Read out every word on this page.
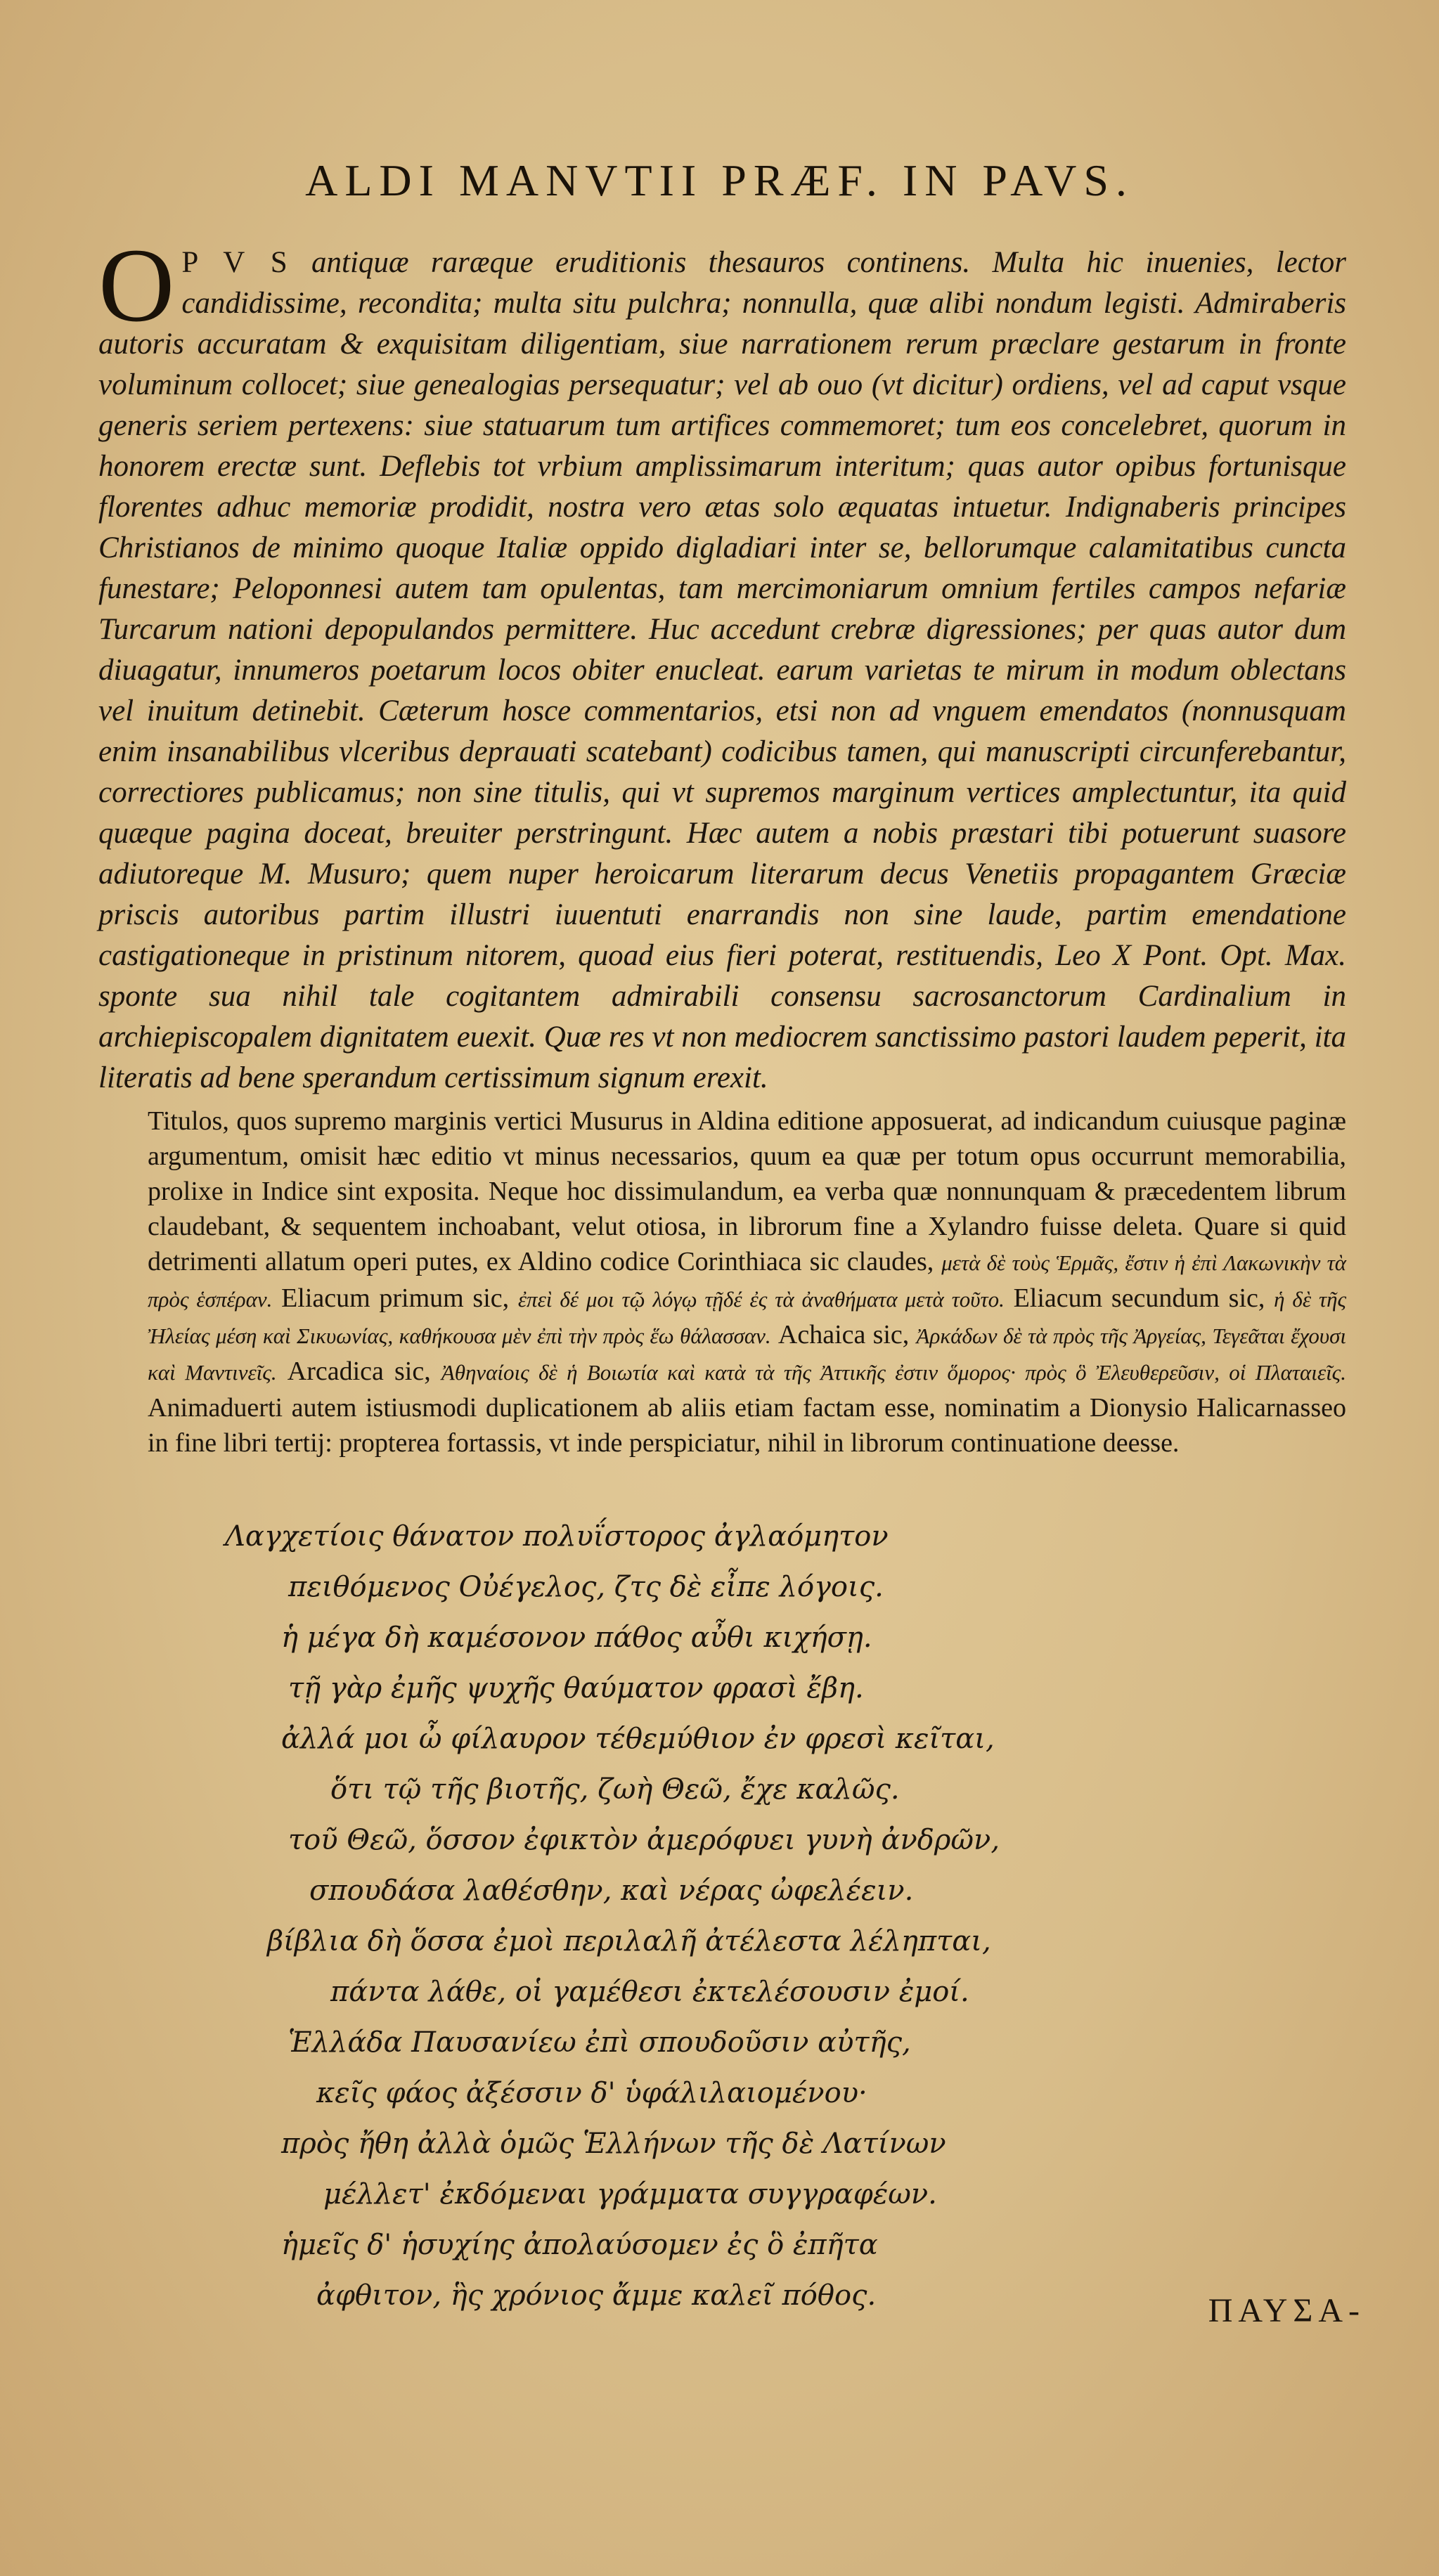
ALDI MANVTII PRÆF. IN PAVS.
O P V S antiquæ raræque eruditionis thesauros continens. Multa hic inuenies, lector candidissime, recondita; multa situ pulchra; nonnulla, quæ alibi nondum legisti. Admiraberis autoris accuratam & exquisitam diligentiam, siue narrationem rerum præclare gestarum in fronte voluminum collocet; siue genealogias persequatur; vel ab ouo (vt dicitur) ordiens, vel ad caput vsque generis seriem pertexens: siue statuarum tum artifices commemoret; tum eos concelebret, quorum in honorem erectæ sunt. Deflebis tot vrbium amplissimarum interitum; quas autor opibus fortunisque florentes adhuc memoriæ prodidit, nostra vero ætas solo æquatas intuetur. Indignaberis principes Christianos de minimo quoque Italiæ oppido digladiari inter se, bellorumque calamitatibus cuncta funestare; Peloponnesi autem tam opulentas, tam mercimoniarum omnium fertiles campos nefariæ Turcarum nationi depopulandos permittere. Huc accedunt crebræ digressiones; per quas autor dum diuagatur, innumeros poetarum locos obiter enucleat. earum varietas te mirum in modum oblectans vel inuitum detinebit. Cæterum hosce commentarios, etsi non ad vnguem emendatos (nonnusquam enim insanabilibus vlceribus deprauati scatebant) codicibus tamen, qui manuscripti circunferebantur, correctiores publicamus; non sine titulis, qui vt supremos marginum vertices amplectuntur, ita quid quæque pagina doceat, breuiter perstringunt. Hæc autem a nobis præstari tibi potuerunt suasore adiutoreque M. Musuro; quem nuper heroicarum literarum decus Venetiis propagantem Græciæ priscis autoribus partim illustri iuuentuti enarrandis non sine laude, partim emendatione castigationeque in pristinum nitorem, quoad eius fieri poterat, restituendis, Leo X Pont. Opt. Max. sponte sua nihil tale cogitantem admirabili consensu sacrosanctorum Cardinalium in archiepiscopalem dignitatem euexit. Quæ res vt non mediocrem sanctissimo pastori laudem peperit, ita literatis ad bene sperandum certissimum signum erexit.
Titulos, quos supremo marginis vertici Musurus in Aldina editione apposuerat, ad indicandum cuiusque paginæ argumentum, omisit hæc editio vt minus necessarios, quum ea quæ per totum opus occurrunt memorabilia, prolixe in Indice sint exposita. Neque hoc dissimulandum, ea verba quæ nonnunquam & præcedentem librum claudebant, & sequentem inchoabant, velut otiosa, in librorum fine a Xylandro fuisse deleta. Quare si quid detrimenti allatum operi putes, ex Aldino codice Corinthiaca sic claudes, μετὰ δὲ τοὺς Ἑρμᾶς, ἔστιν ἡ ἐπὶ Λακωνικὴν τὰ πρὸς ἑσπέραν. Eliacum primum sic, ἐπεὶ δέ μοι τῷ λόγῳ τῇδέ ἐς τὰ ἀναθήματα μετὰ τοῦτο. Eliacum secundum sic, ἡ δὲ τῆς Ἠλείας μέση καὶ Σικυωνίας, καθήκουσα μὲν ἐπὶ τὴν πρὸς ἕω θάλασσαν. Achaica sic, Ἀρκάδων δὲ τὰ πρὸς τῆς Ἀργείας, Τεγεᾶται ἔχουσι καὶ Μαντινεῖς. Arcadica sic, Ἀθηναίοις δὲ ἡ Βοιωτία καὶ κατὰ τὰ τῆς Ἀττικῆς ἐστιν ὅμορος· πρὸς ὃ Ἐλευθερεῦσιν, οἱ Πλαταιεῖς. Animaduerti autem istiusmodi duplicationem ab aliis etiam factam esse, nominatim a Dionysio Halicarnasseo in fine libri tertij: propterea fortassis, vt inde perspiciatur, nihil in librorum continuatione deesse.
Λαγχετίοις θάνατον πολυΐστορος ἀγλαόμητον
πειθόμενος Οὐέγελος, ζτς δὲ εἶπε λόγοις.
ἡ μέγα δὴ καμέσονον πάθος αὖθι κιχήσῃ.
τῇ γὰρ ἐμῆς ψυχῆς θαύματον φρασὶ ἔβη.
ἀλλά μοι ὦ φίλαυρον τέθεμύθιον ἐν φρεσὶ κεῖται,
ὅτι τῷ τῆς βιοτῆς, ζωὴ Θεῶ, ἔχε καλῶς.
τοῦ Θεῶ, ὅσσον ἐφικτὸν ἀμερόφυει γυνὴ ἀνδρῶν,
σπουδάσα λαθέσθην, καὶ νέρας ὠφελέειν.
βίβλια δὴ ὅσσα ἐμοὶ περιλαλῆ ἀτέλεστα λέληπται,
πάντα λάθε, οἱ γαμέθεσι ἐκτελέσουσιν ἐμοί.
Ἑλλάδα Παυσανίεω ἐπὶ σπουδοῦσιν αὐτῆς,
κεῖς φάος ἀξέσσιν δ' ὑφάλιλαιομένου·
πρὸς ἤθη ἀλλὰ ὁμῶς Ἑλλήνων τῆς δὲ Λατίνων
μέλλετ' ἐκδόμεναι γράμματα συγγραφέων.
ἡμεῖς δ' ἡσυχίης ἀπολαύσομεν ἐς ὃ ἐπῆτα
ἀφθιτον, ἣς χρόνιος ἄμμε καλεῖ πόθος.	ΠΑΥΣΑ-
